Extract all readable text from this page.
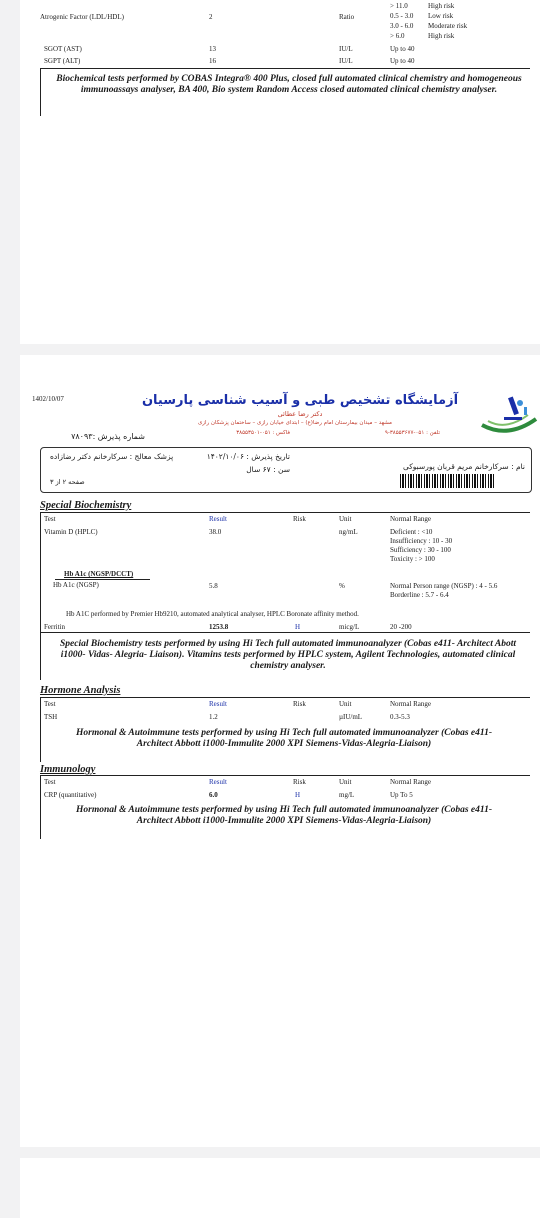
Atrogenic Factor (LDL/HDL)	2	Ratio
> 11.0	High risk
0.5 - 3.0 Low risk
3.0 - 6.0 Moderate risk
> 6.0	High risk
SGOT (AST)	13	IU/L	Up to 40
SGPT (ALT)	16	IU/L	Up to 40
Biochemical tests performed by COBAS Integra® 400 Plus, closed full automated clinical chemistry and homogeneous immunoassays analyser, BA 400, Bio system Random Access closed automated clinical chemistry analyser.
1402/10/07	آزمایشگاه تشخیص طبی و آسیب شناسی پارسیان
دکتر رضا عطائی
مشهد – میدان بیمارستان امام رضا(ع) – ابتدای خیابان رازی – ساختمان پزشکان رازی
تلفن : ۰۵۱-۳۸۵۵۳۶۷۷-۹
فاکس : ۰۵۱-۳۸۵۵۳۵۰۱
شماره پذیرش :۷۸۰۹۳
تاریخ پذیرش : ۱۴۰۲/۱۰/۰۶
پزشک معالج : سرکارخانم دکتر رضازاده
سن : ۶۷ سال	نام : سرکارخانم مریم قربان پورسبوکی
صفحه ۲ از ۳
Special Biochemistry
Test	Result	Risk	Unit	Normal Range
Vitamin D (HPLC)	38.0	ng/mL	Deficient : <10
Insufficiency : 10 - 30
Sufficiency : 30 - 100
Toxicity : > 100
Hb A1c (NGSP/DCCT)
Hb A1c (NGSP)	5.8	%	Normal Person range (NGSP) : 4 - 5.6
Borderline : 5.7 - 6.4
Hb A1C performed by Premier Hb9210, automated analytical analyser, HPLC Boronate affinity method.
Ferritin	1253.8	H	micg/L	20 -200
Special Biochemistry tests performed by using Hi Tech full automated immunoanalyzer (Cobas e411- Architect Abott i1000- Vidas- Alegria- Liaison). Vitamins tests performed by HPLC system, Agilent Technologies, automated clinical chemistry analyser.
Hormone Analysis
Test	Result	Risk	Unit	Normal Range
TSH	1.2	µIU/mL	0.3-5.3
Hormonal & Autoimmune tests performed by using Hi Tech full automated immunoanalyzer (Cobas e411-Architect Abbott i1000-Immulite 2000 XPI Siemens-Vidas-Alegria-Liaison)
Immunology
Test	Result	Risk	Unit	Normal Range
CRP (quantitative)	6.0	H	mg/L	Up To 5
Hormonal & Autoimmune tests performed by using Hi Tech full automated immunoanalyzer (Cobas e411-Architect Abbott i1000-Immulite 2000 XPI Siemens-Vidas-Alegria-Liaison)
